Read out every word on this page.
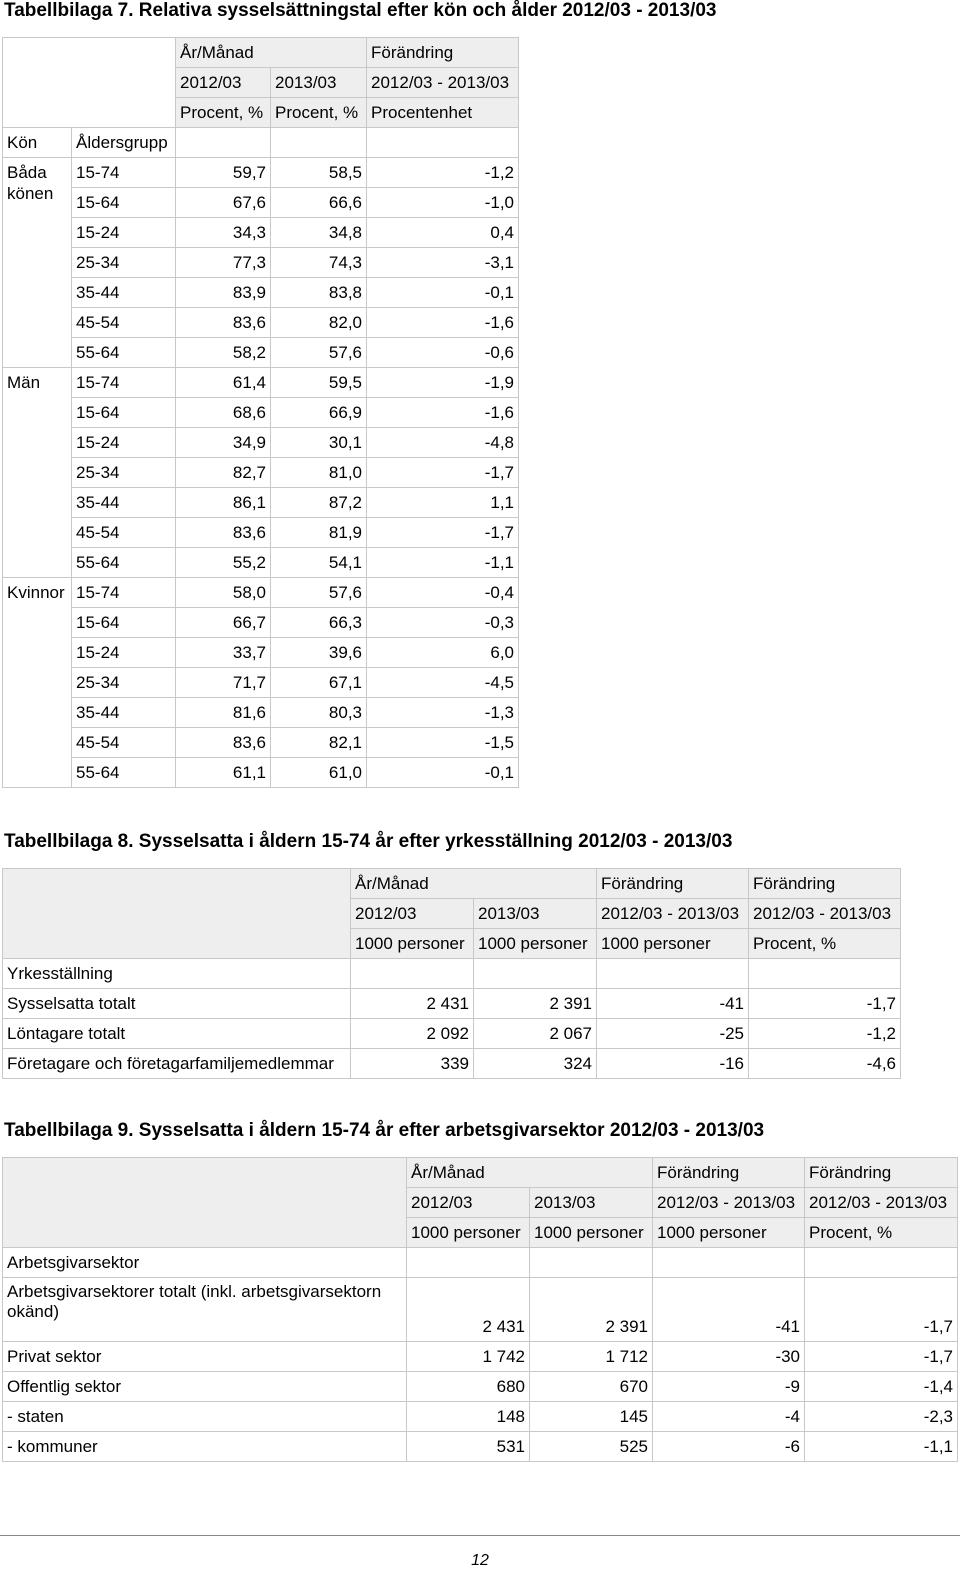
Tabellbilaga 7. Relativa sysselsättningstal efter kön och ålder 2012/03 - 2013/03
		År/Månad		Förändring
		2012/03	2013/03	2012/03 - 2013/03
		Procent, %	Procent, %	Procentenhet
Kön	Åldersgrupp			
Båda könen	15-74	59,7	58,5	-1,2
	15-64	67,6	66,6	-1,0
	15-24	34,3	34,8	0,4
	25-34	77,3	74,3	-3,1
	35-44	83,9	83,8	-0,1
	45-54	83,6	82,0	-1,6
	55-64	58,2	57,6	-0,6
Män	15-74	61,4	59,5	-1,9
	15-64	68,6	66,9	-1,6
	15-24	34,9	30,1	-4,8
	25-34	82,7	81,0	-1,7
	35-44	86,1	87,2	1,1
	45-54	83,6	81,9	-1,7
	55-64	55,2	54,1	-1,1
Kvinnor	15-74	58,0	57,6	-0,4
	15-64	66,7	66,3	-0,3
	15-24	33,7	39,6	6,0
	25-34	71,7	67,1	-4,5
	35-44	81,6	80,3	-1,3
	45-54	83,6	82,1	-1,5
	55-64	61,1	61,0	-0,1
Tabellbilaga 8. Sysselsatta i åldern 15-74 år efter yrkesställning 2012/03 - 2013/03
	År/Månad		Förändring	Förändring
	2012/03	2013/03	2012/03 - 2013/03	2012/03 - 2013/03
	1000 personer	1000 personer	1000 personer	Procent, %
Yrkesställning				
Sysselsatta totalt	2 431	2 391	-41	-1,7
Löntagare totalt	2 092	2 067	-25	-1,2
Företagare och företagarfamiljemedlemmar	339	324	-16	-4,6
Tabellbilaga 9. Sysselsatta i åldern 15-74 år efter arbetsgivarsektor 2012/03 - 2013/03
	År/Månad		Förändring	Förändring
	2012/03	2013/03	2012/03 - 2013/03	2012/03 - 2013/03
	1000 personer	1000 personer	1000 personer	Procent, %
Arbetsgivarsektor				
Arbetsgivarsektorer totalt (inkl. arbetsgivarsektorn okänd)	2 431	2 391	-41	-1,7
Privat sektor	1 742	1 712	-30	-1,7
Offentlig sektor	680	670	-9	-1,4
- staten	148	145	-4	-2,3
- kommuner	531	525	-6	-1,1
12
